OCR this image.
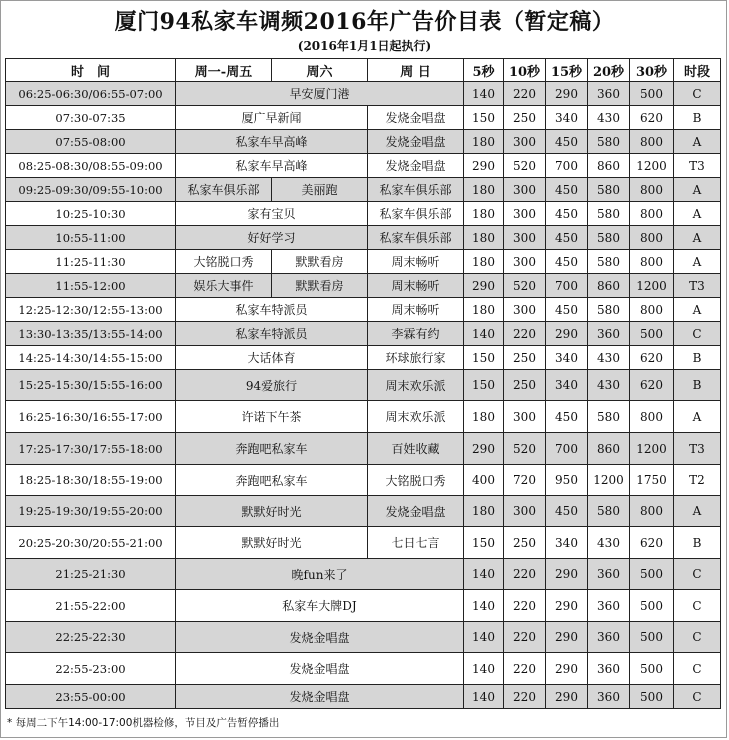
厦门94私家车调频2016年广告价目表（暂定稿）
(2016年1月1日起执行)
时　间	周一-周五	周六	周 日	5秒	10秒	15秒	20秒	30秒	时段
06:25-06:30/06:55-07:00	早安厦门港			140	220	290	360	500	C
07:30-07:35	厦广早新闻		发烧金唱盘	150	250	340	430	620	B
07:55-08:00	私家车早高峰		发烧金唱盘	180	300	450	580	800	A
08:25-08:30/08:55-09:00	私家车早高峰		发烧金唱盘	290	520	700	860	1200	T3
09:25-09:30/09:55-10:00	私家车俱乐部	美丽跑	私家车俱乐部	180	300	450	580	800	A
10:25-10:30	家有宝贝		私家车俱乐部	180	300	450	580	800	A
10:55-11:00	好好学习		私家车俱乐部	180	300	450	580	800	A
11:25-11:30	大铭脱口秀	默默看房	周末畅听	180	300	450	580	800	A
11:55-12:00	娱乐大事件	默默看房	周末畅听	290	520	700	860	1200	T3
12:25-12:30/12:55-13:00	私家车特派员		周末畅听	180	300	450	580	800	A
13:30-13:35/13:55-14:00	私家车特派员		李霖有约	140	220	290	360	500	C
14:25-14:30/14:55-15:00	大话体育		环球旅行家	150	250	340	430	620	B
15:25-15:30/15:55-16:00	94爱旅行		周末欢乐派	150	250	340	430	620	B
16:25-16:30/16:55-17:00	许诺下午茶		周末欢乐派	180	300	450	580	800	A
17:25-17:30/17:55-18:00	奔跑吧私家车		百姓收藏	290	520	700	860	1200	T3
18:25-18:30/18:55-19:00	奔跑吧私家车		大铭脱口秀	400	720	950	1200	1750	T2
19:25-19:30/19:55-20:00	默默好时光		发烧金唱盘	180	300	450	580	800	A
20:25-20:30/20:55-21:00	默默好时光		七日七言	150	250	340	430	620	B
21:25-21:30	晚fun来了			140	220	290	360	500	C
21:55-22:00	私家车大牌DJ			140	220	290	360	500	C
22:25-22:30	发烧金唱盘			140	220	290	360	500	C
22:55-23:00	发烧金唱盘			140	220	290	360	500	C
23:55-00:00	发烧金唱盘			140	220	290	360	500	C
* 每周二下午14:00-17:00机器检修，节目及广告暂停播出
